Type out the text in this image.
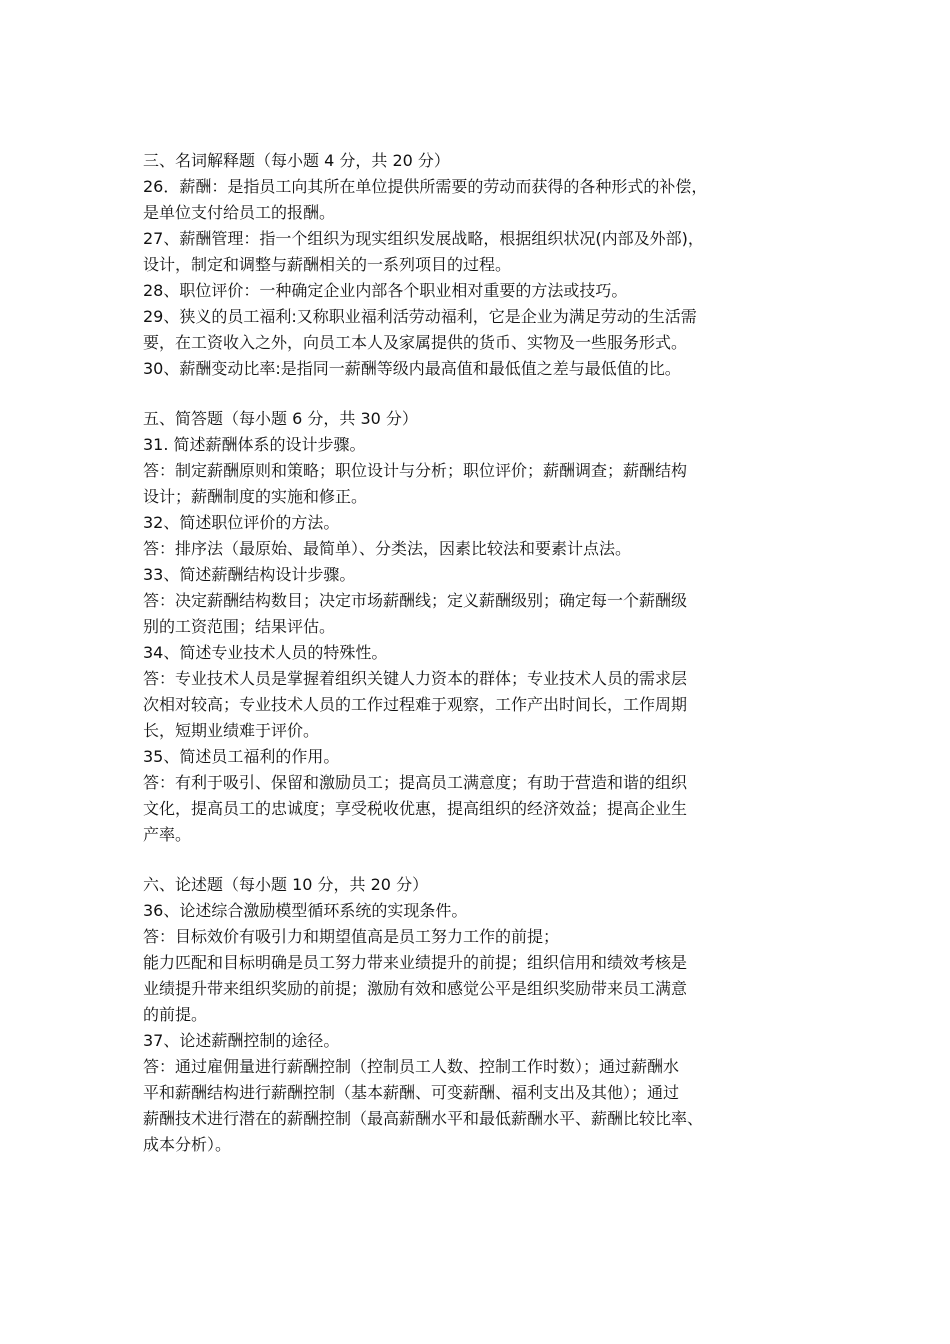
三、名词解释题（每小题 4 分，共 20 分）
26．薪酬：是指员工向其所在单位提供所需要的劳动而获得的各种形式的补偿，
是单位支付给员工的报酬。
27、薪酬管理：指一个组织为现实组织发展战略，根据组织状况(内部及外部)，
设计，制定和调整与薪酬相关的一系列项目的过程。
28、职位评价：一种确定企业内部各个职业相对重要的方法或技巧。
29、狭义的员工福利:又称职业福利活劳动福利，它是企业为满足劳动的生活需
要，在工资收入之外，向员工本人及家属提供的货币、实物及一些服务形式。
30、薪酬变动比率:是指同一薪酬等级内最高值和最低值之差与最低值的比。
五、简答题（每小题 6 分，共 30 分）
31. 简述薪酬体系的设计步骤。
答：制定薪酬原则和策略；职位设计与分析；职位评价；薪酬调查；薪酬结构
设计；薪酬制度的实施和修正。
32、简述职位评价的方法。
答：排序法（最原始、最简单）、分类法，因素比较法和要素计点法。
33、简述薪酬结构设计步骤。
答：决定薪酬结构数目；决定市场薪酬线；定义薪酬级别；确定每一个薪酬级
别的工资范围；结果评估。
34、简述专业技术人员的特殊性。
答：专业技术人员是掌握着组织关键人力资本的群体；专业技术人员的需求层
次相对较高；专业技术人员的工作过程难于观察，工作产出时间长，工作周期
长，短期业绩难于评价。
35、简述员工福利的作用。
答：有利于吸引、保留和激励员工；提高员工满意度；有助于营造和谐的组织
文化，提高员工的忠诚度；享受税收优惠，提高组织的经济效益；提高企业生
产率。
六、论述题（每小题 10 分，共 20 分）
36、论述综合激励模型循环系统的实现条件。
答：目标效价有吸引力和期望值高是员工努力工作的前提；
能力匹配和目标明确是员工努力带来业绩提升的前提；组织信用和绩效考核是
业绩提升带来组织奖励的前提；激励有效和感觉公平是组织奖励带来员工满意
的前提。
37、论述薪酬控制的途径。
答：通过雇佣量进行薪酬控制（控制员工人数、控制工作时数）；通过薪酬水
平和薪酬结构进行薪酬控制（基本薪酬、可变薪酬、福利支出及其他）；通过
薪酬技术进行潜在的薪酬控制（最高薪酬水平和最低薪酬水平、薪酬比较比率、
成本分析）。
